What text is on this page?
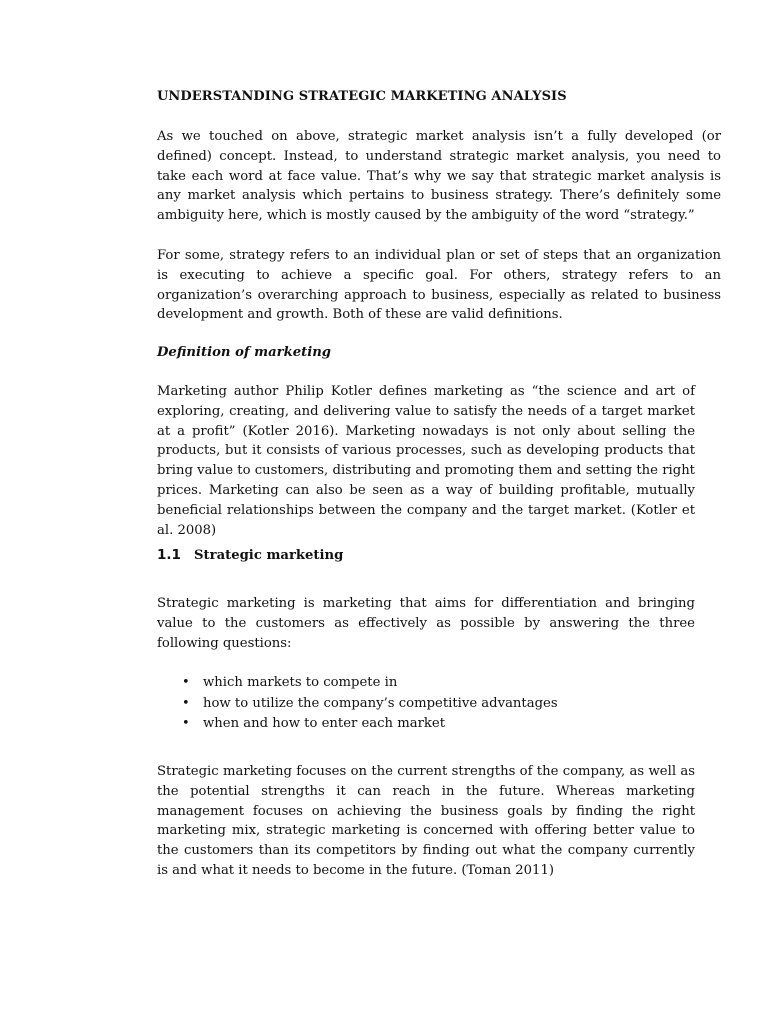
UNDERSTANDING STRATEGIC MARKETING ANALYSIS

As we touched on above, strategic market analysis isn’t a fully developed (or defined) concept. Instead, to understand strategic market analysis, you need to take each word at face value. That’s why we say that strategic market analysis is any market analysis which pertains to business strategy. There’s definitely some ambiguity here, which is mostly caused by the ambiguity of the word “strategy.”

For some, strategy refers to an individual plan or set of steps that an organization is executing to achieve a specific goal. For others, strategy refers to an organization’s overarching approach to business, especially as related to business development and growth. Both of these are valid definitions.

Definition of marketing

Marketing author Philip Kotler defines marketing as “the science and art of exploring, creating, and delivering value to satisfy the needs of a target market at a profit” (Kotler 2016). Marketing nowadays is not only about selling the products, but it consists of various processes, such as developing products that bring value to customers, distributing and promoting them and setting the right prices. Marketing can also be seen as a way of building profitable, mutually beneficial relationships between the company and the target market. (Kotler et al. 2008)

1.1 Strategic marketing

Strategic marketing is marketing that aims for differentiation and bringing value to the customers as effectively as possible by answering the three following questions:

• which markets to compete in
• how to utilize the company’s competitive advantages
• when and how to enter each market

Strategic marketing focuses on the current strengths of the company, as well as the potential strengths it can reach in the future. Whereas marketing management focuses on achieving the business goals by finding the right marketing mix, strategic marketing is concerned with offering better value to the customers than its competitors by finding out what the company currently is and what it needs to become in the future. (Toman 2011)
